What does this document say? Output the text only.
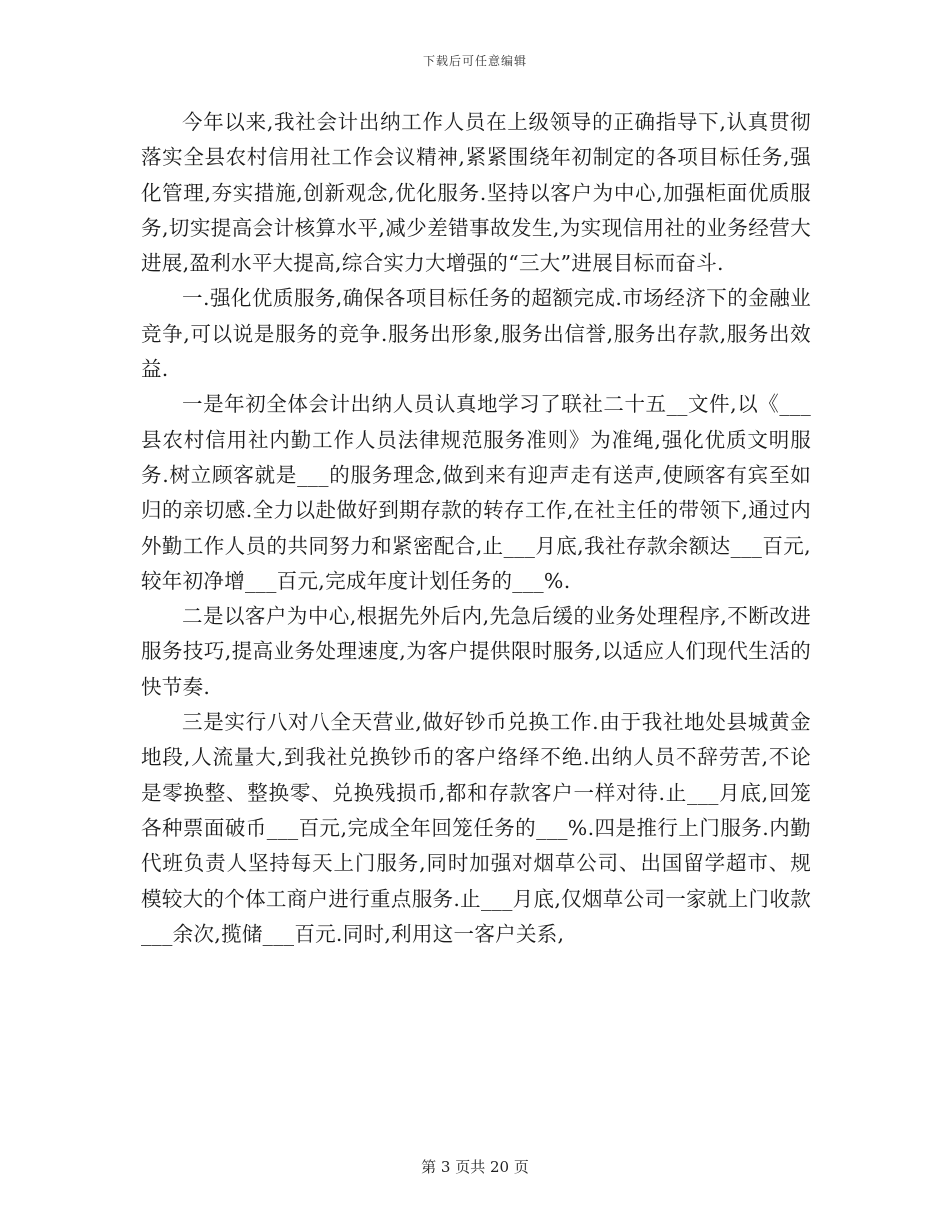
下载后可任意编辑

今年以来,我社会计出纳工作人员在上级领导的正确指导下,认真贯彻落实全县农村信用社工作会议精神,紧紧围绕年初制定的各项目标任务,强化管理,夯实措施,创新观念,优化服务.坚持以客户为中心,加强柜面优质服务,切实提高会计核算水平,减少差错事故发生,为实现信用社的业务经营大进展,盈利水平大提高,综合实力大增强的“三大”进展目标而奋斗.

一.强化优质服务,确保各项目标任务的超额完成.市场经济下的金融业竞争,可以说是服务的竞争.服务出形象,服务出信誉,服务出存款,服务出效益.

一是年初全体会计出纳人员认真地学习了联社二十五__文件,以《___县农村信用社内勤工作人员法律规范服务准则》为准绳,强化优质文明服务.树立顾客就是___的服务理念,做到来有迎声走有送声,使顾客有宾至如归的亲切感.全力以赴做好到期存款的转存工作,在社主任的带领下,通过内外勤工作人员的共同努力和紧密配合,止___月底,我社存款余额达___百元,较年初净增___百元,完成年度计划任务的___%.

二是以客户为中心,根据先外后内,先急后缓的业务处理程序,不断改进服务技巧,提高业务处理速度,为客户提供限时服务,以适应人们现代生活的快节奏.

三是实行八对八全天营业,做好钞币兑换工作.由于我社地处县城黄金地段,人流量大,到我社兑换钞币的客户络绎不绝.出纳人员不辞劳苦,不论是零换整、整换零、兑换残损币,都和存款客户一样对待.止___月底,回笼各种票面破币___百元,完成全年回笼任务的___%.四是推行上门服务.内勤代班负责人坚持每天上门服务,同时加强对烟草公司、出国留学超市、规模较大的个体工商户进行重点服务.止___月底,仅烟草公司一家就上门收款___余次,揽储___百元.同时,利用这一客户关系,

第 3 页共 20 页
